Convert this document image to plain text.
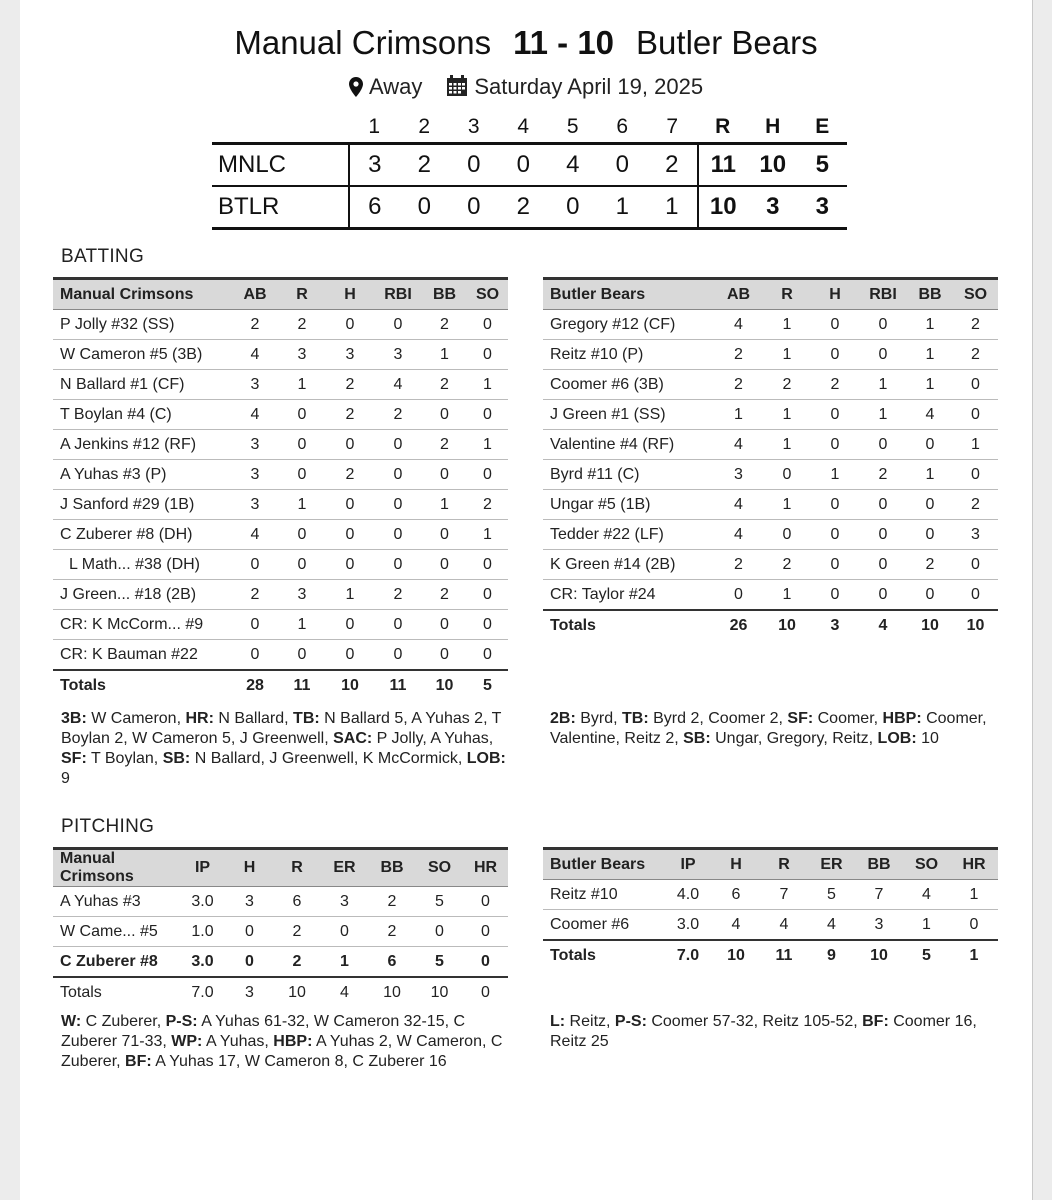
Manual Crimsons 11 - 10 Butler Bears
Away Saturday April 19, 2025
	1	2	3	4	5	6	7	R	H	E
MNLC	3	2	0	0	4	0	2	11	10	5
BTLR	6	0	0	2	0	1	1	10	3	3
BATTING
PITCHING
Manual Crimsons	AB	R	H	RBI	BB	SO
P Jolly #32 (SS)	2	2	0	0	2	0
W Cameron #5 (3B)	4	3	3	3	1	0
N Ballard #1 (CF)	3	1	2	4	2	1
T Boylan #4 (C)	4	0	2	2	0	0
A Jenkins #12 (RF)	3	0	0	0	2	1
A Yuhas #3 (P)	3	0	2	0	0	0
J Sanford #29 (1B)	3	1	0	0	1	2
C Zuberer #8 (DH)	4	0	0	0	0	1
L Math... #38 (DH)	0	0	0	0	0	0
J Green... #18 (2B)	2	3	1	2	2	0
CR: K McCorm... #9	0	1	0	0	0	0
CR: K Bauman #22	0	0	0	0	0	0
Totals	28	11	10	11	10	5
Butler Bears	AB	R	H	RBI	BB	SO
Gregory #12 (CF)	4	1	0	0	1	2
Reitz #10 (P)	2	1	0	0	1	2
Coomer #6 (3B)	2	2	2	1	1	0
J Green #1 (SS)	1	1	0	1	4	0
Valentine #4 (RF)	4	1	0	0	0	1
Byrd #11 (C)	3	0	1	2	1	0
Ungar #5 (1B)	4	1	0	0	0	2
Tedder #22 (LF)	4	0	0	0	0	3
K Green #14 (2B)	2	2	0	0	2	0
CR: Taylor #24	0	1	0	0	0	0
Totals	26	10	3	4	10	10
Manual Crimsons	IP	H	R	ER	BB	SO	HR
A Yuhas #3	3.0	3	6	3	2	5	0
W Came... #5	1.0	0	2	0	2	0	0
C Zuberer #8	3.0	0	2	1	6	5	0
Totals	7.0	3	10	4	10	10	0
Butler Bears	IP	H	R	ER	BB	SO	HR
Reitz #10	4.0	6	7	5	7	4	1
Coomer #6	3.0	4	4	4	3	1	0
Totals	7.0	10	11	9	10	5	1
3B: W Cameron, HR: N Ballard, TB: N Ballard 5, A Yuhas 2, T Boylan 2, W Cameron 5, J Greenwell, SAC: P Jolly, A Yuhas, SF: T Boylan, SB: N Ballard, J Greenwell, K McCormick, LOB: 9
2B: Byrd, TB: Byrd 2, Coomer 2, SF: Coomer, HBP: Coomer, Valentine, Reitz 2, SB: Ungar, Gregory, Reitz, LOB: 10
W: C Zuberer, P-S: A Yuhas 61-32, W Cameron 32-15, C Zuberer 71-33, WP: A Yuhas, HBP: A Yuhas 2, W Cameron, C Zuberer, BF: A Yuhas 17, W Cameron 8, C Zuberer 16
L: Reitz, P-S: Coomer 57-32, Reitz 105-52, BF: Coomer 16, Reitz 25
